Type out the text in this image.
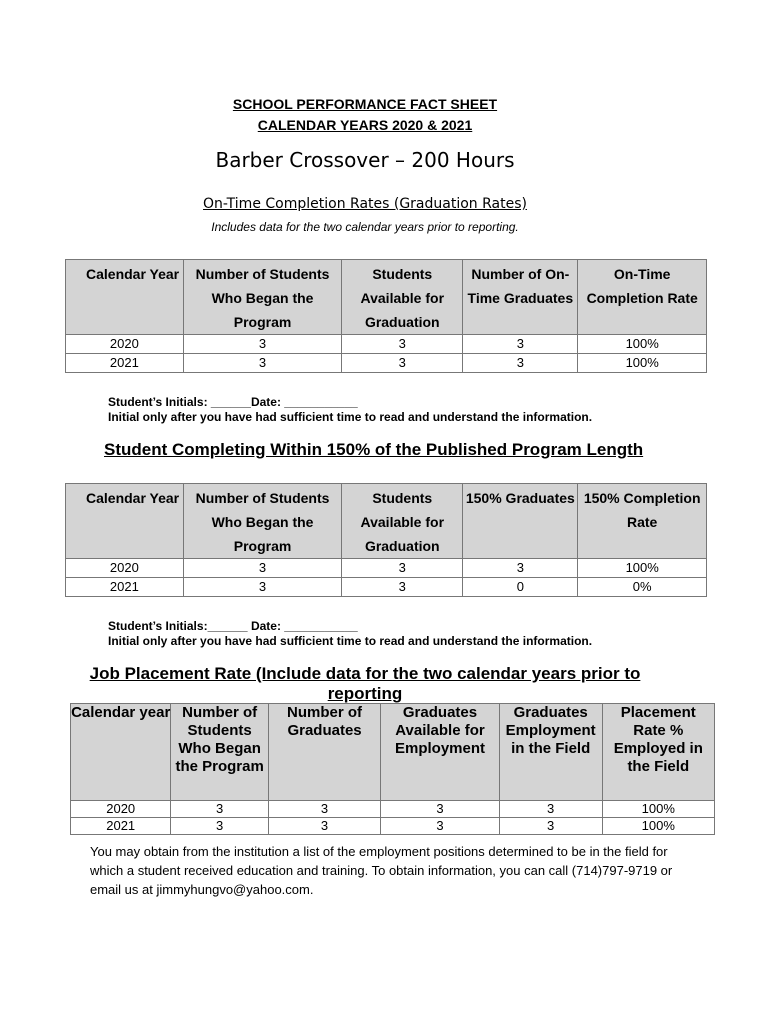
SCHOOL PERFORMANCE FACT SHEET
CALENDAR YEARS 2020 & 2021
Barber Crossover – 200 Hours
On-Time Completion Rates (Graduation Rates)
Includes data for the two calendar years prior to reporting.
Calendar Year	Number of Students Who Began the Program	Students Available for Graduation	Number of On-Time Graduates	On-Time Completion Rate
2020	3	3	3	100%
2021	3	3	3	100%
Student’s Initials: ______Date: ___________
Initial only after you have had sufficient time to read and understand the information.
Student Completing Within 150% of the Published Program Length
Calendar Year	Number of Students Who Began the Program	Students Available for Graduation	150% Graduates	150% Completion Rate
2020	3	3	3	100%
2021	3	3	0	0%
Student’s Initials:______ Date: ___________
Initial only after you have had sufficient time to read and understand the information.
Job Placement Rate (Include data for the two calendar years prior to
reporting
Calendar year	Number of Students Who Began the Program	Number of Graduates	Graduates Available for Employment	Graduates Employment in the Field	Placement Rate % Employed in the Field
2020	3	3	3	3	100%
2021	3	3	3	3	100%
You may obtain from the institution a list of the employment positions determined to be in the field for which a student received education and training. To obtain information, you can call (714)797-9719 or email us at jimmyhungvo@yahoo.com.
